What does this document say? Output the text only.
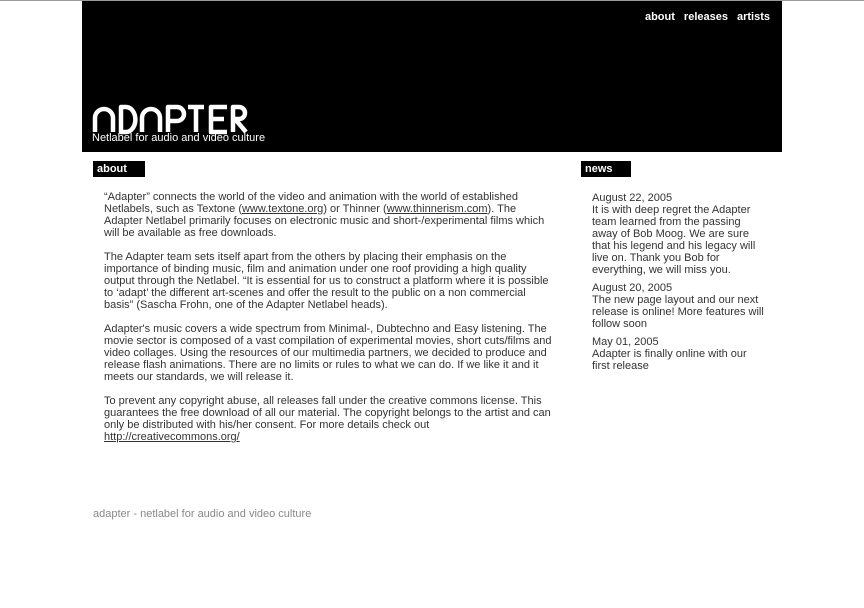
about releases artists
Netlabel for audio and video culture
about

“Adapter” connects the world of the video and animation with the world of established Netlabels, such as Textone (www.textone.org) or Thinner (www.thinnerism.com). The Adapter Netlabel primarily focuses on electronic music and short-/experimental films which will be available as free downloads.

The Adapter team sets itself apart from the others by placing their emphasis on the importance of binding music, film and animation under one roof providing a high quality output through the Netlabel. “It is essential for us to construct a platform where it is possible to ‘adapt’ the different art-scenes and offer the result to the public on a non commercial basis” (Sascha Frohn, one of the Adapter Netlabel heads).

Adapter's music covers a wide spectrum from Minimal-, Dubtechno and Easy listening. The movie sector is composed of a vast compilation of experimental movies, short cuts/films and video collages. Using the resources of our multimedia partners, we decided to produce and release flash animations. There are no limits or rules to what we can do. If we like it and it meets our standards, we will release it.

To prevent any copyright abuse, all releases fall under the creative commons license. This guarantees the free download of all our material. The copyright belongs to the artist and can only be distributed with his/her consent. For more details check out http://creativecommons.org/

news
August 22, 2005
It is with deep regret the Adapter team learned from the passing away of Bob Moog. We are sure that his legend and his legacy will live on. Thank you Bob for everything, we will miss you.
August 20, 2005
The new page layout and our next release is online! More features will follow soon
May 01, 2005
Adapter is finally online with our first release
adapter - netlabel for audio and video culture
